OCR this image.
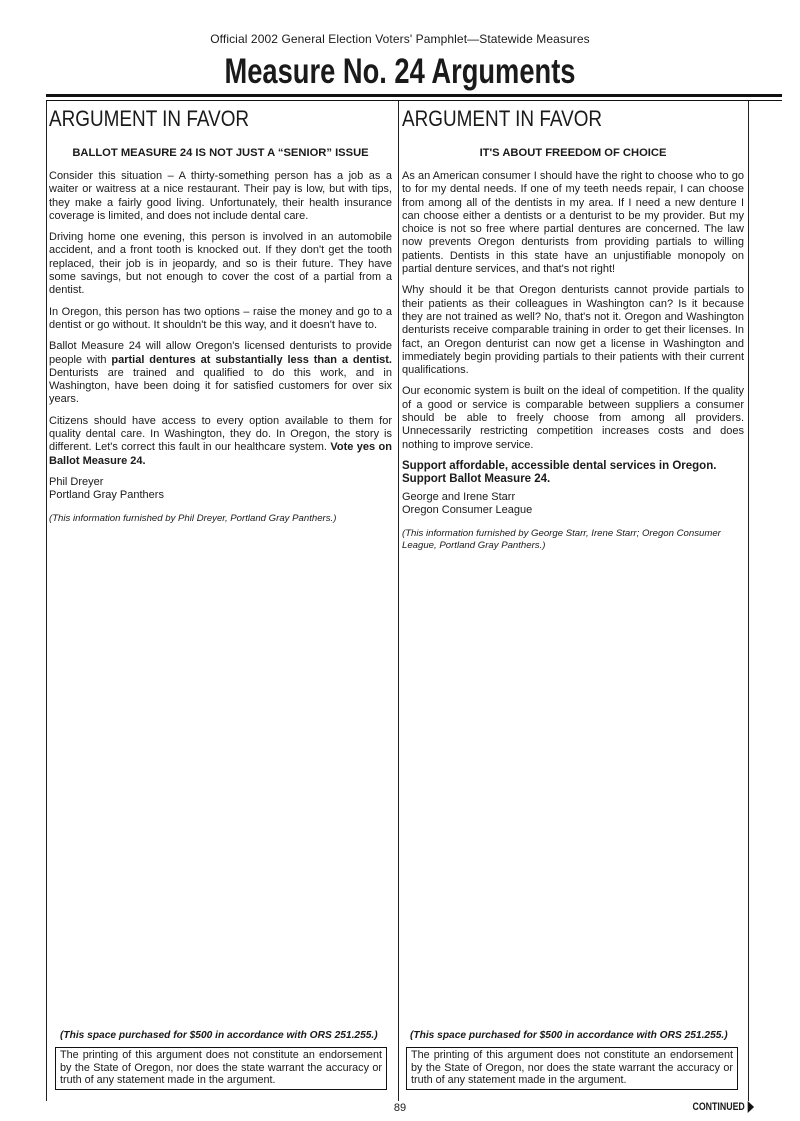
Official 2002 General Election Voters' Pamphlet—Statewide Measures
Measure No. 24 Arguments
ARGUMENT IN FAVOR
BALLOT MEASURE 24 IS NOT JUST A “SENIOR” ISSUE

Consider this situation – A thirty-something person has a job as a waiter or waitress at a nice restaurant. Their pay is low, but with tips, they make a fairly good living. Unfortunately, their health insurance coverage is limited, and does not include dental care.

Driving home one evening, this person is involved in an automobile accident, and a front tooth is knocked out. If they don't get the tooth replaced, their job is in jeopardy, and so is their future. They have some savings, but not enough to cover the cost of a partial from a dentist.

In Oregon, this person has two options – raise the money and go to a dentist or go without. It shouldn't be this way, and it doesn't have to.

Ballot Measure 24 will allow Oregon's licensed denturists to provide people with partial dentures at substantially less than a dentist. Denturists are trained and qualified to do this work, and in Washington, have been doing it for satisfied customers for over six years.

Citizens should have access to every option available to them for quality dental care. In Washington, they do. In Oregon, the story is different. Let's correct this fault in our healthcare system. Vote yes on Ballot Measure 24.

Phil Dreyer

Portland Gray Panthers

(This information furnished by Phil Dreyer, Portland Gray Panthers.)

ARGUMENT IN FAVOR
IT'S ABOUT FREEDOM OF CHOICE

As an American consumer I should have the right to choose who to go to for my dental needs. If one of my teeth needs repair, I can choose from among all of the dentists in my area. If I need a new denture I can choose either a dentists or a denturist to be my provider. But my choice is not so free where partial dentures are concerned. The law now prevents Oregon denturists from providing partials to willing patients. Dentists in this state have an unjustifiable monopoly on partial denture services, and that's not right!

Why should it be that Oregon denturists cannot provide partials to their patients as their colleagues in Washington can? Is it because they are not trained as well? No, that's not it. Oregon and Washington denturists receive comparable training in order to get their licenses. In fact, an Oregon denturist can now get a license in Washington and immediately begin providing partials to their patients with their current qualifications.

Our economic system is built on the ideal of competition. If the quality of a good or service is comparable between suppliers a consumer should be able to freely choose from among all providers. Unnecessarily restricting competition increases costs and does nothing to improve service.

Support affordable, accessible dental services in Oregon. Support Ballot Measure 24.

George and Irene Starr

Oregon Consumer League

(This information furnished by George Starr, Irene Starr; Oregon Consumer League, Portland Gray Panthers.)

(This space purchased for $500 in accordance with ORS 251.255.)	(This space purchased for $500 in accordance with ORS 251.255.)
The printing of this argument does not constitute an endorsement by the State of Oregon, nor does the state warrant the accuracy or truth of any statement made in the argument.
The printing of this argument does not constitute an endorsement by the State of Oregon, nor does the state warrant the accuracy or truth of any statement made in the argument.
89	CONTINUED
